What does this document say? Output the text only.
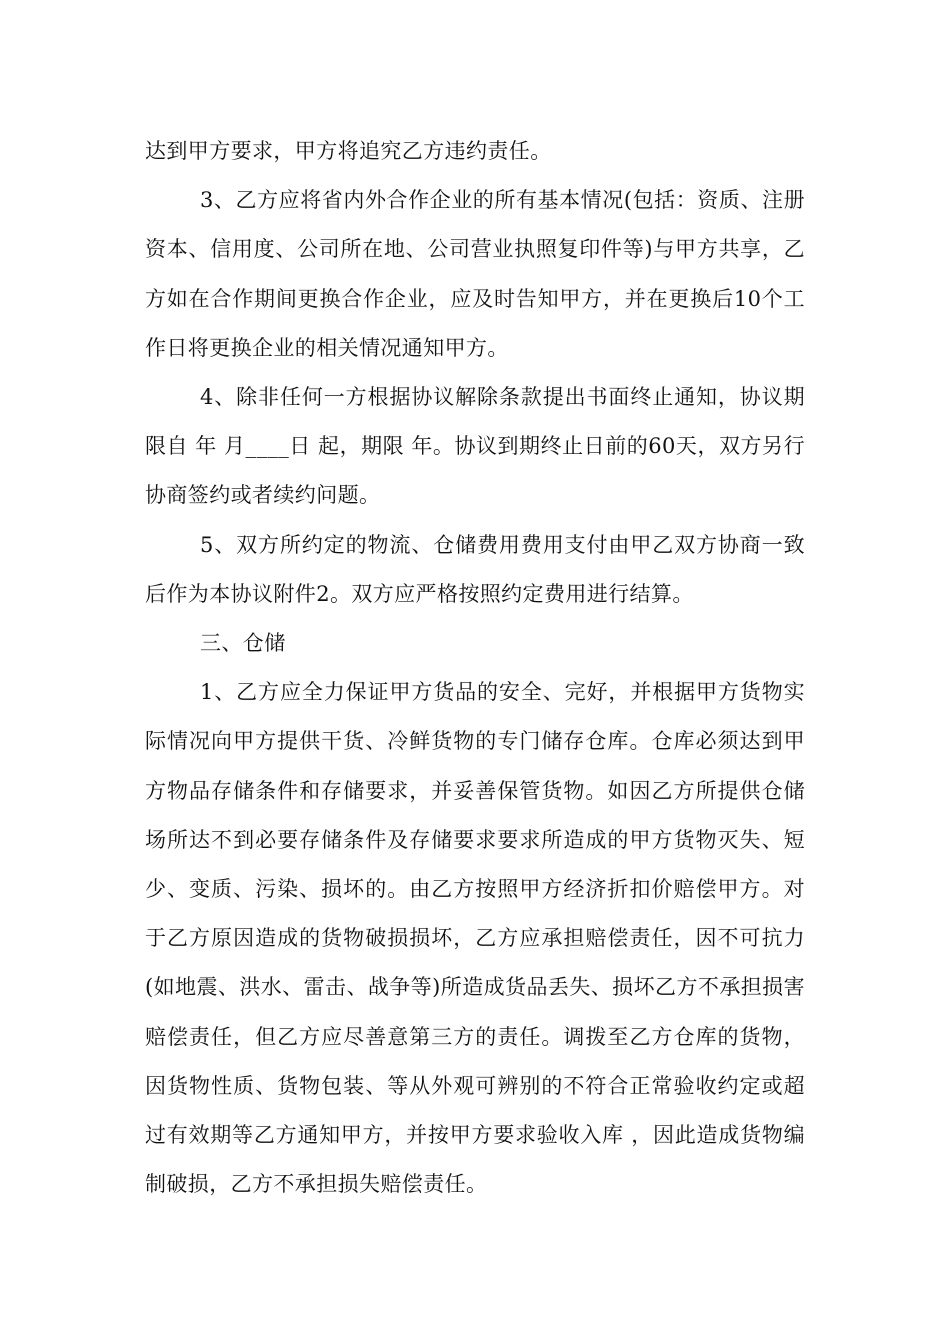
达到甲方要求，甲方将追究乙方违约责任。

3、乙方应将省内外合作企业的所有基本情况(包括：资质、注册资本、信用度、公司所在地、公司营业执照复印件等)与甲方共享，乙方如在合作期间更换合作企业，应及时告知甲方，并在更换后10个工作日将更换企业的相关情况通知甲方。

4、除非任何一方根据协议解除条款提出书面终止通知，协议期限自 年 月____日 起，期限 年。协议到期终止日前的60天，双方另行协商签约或者续约问题。

5、双方所约定的物流、仓储费用费用支付由甲乙双方协商一致后作为本协议附件2。双方应严格按照约定费用进行结算。

三、仓储

1、乙方应全力保证甲方货品的安全、完好，并根据甲方货物实际情况向甲方提供干货、冷鲜货物的专门储存仓库。仓库必须达到甲方物品存储条件和存储要求，并妥善保管货物。如因乙方所提供仓储场所达不到必要存储条件及存储要求要求所造成的甲方货物灭失、短少、变质、污染、损坏的。由乙方按照甲方经济折扣价赔偿甲方。对于乙方原因造成的货物破损损坏，乙方应承担赔偿责任，因不可抗力(如地震、洪水、雷击、战争等)所造成货品丢失、损坏乙方不承担损害赔偿责任，但乙方应尽善意第三方的责任。调拨至乙方仓库的货物，因货物性质、货物包装、等从外观可辨别的不符合正常验收约定或超过有效期等乙方通知甲方，并按甲方要求验收入库 ，因此造成货物编制破损，乙方不承担损失赔偿责任。
